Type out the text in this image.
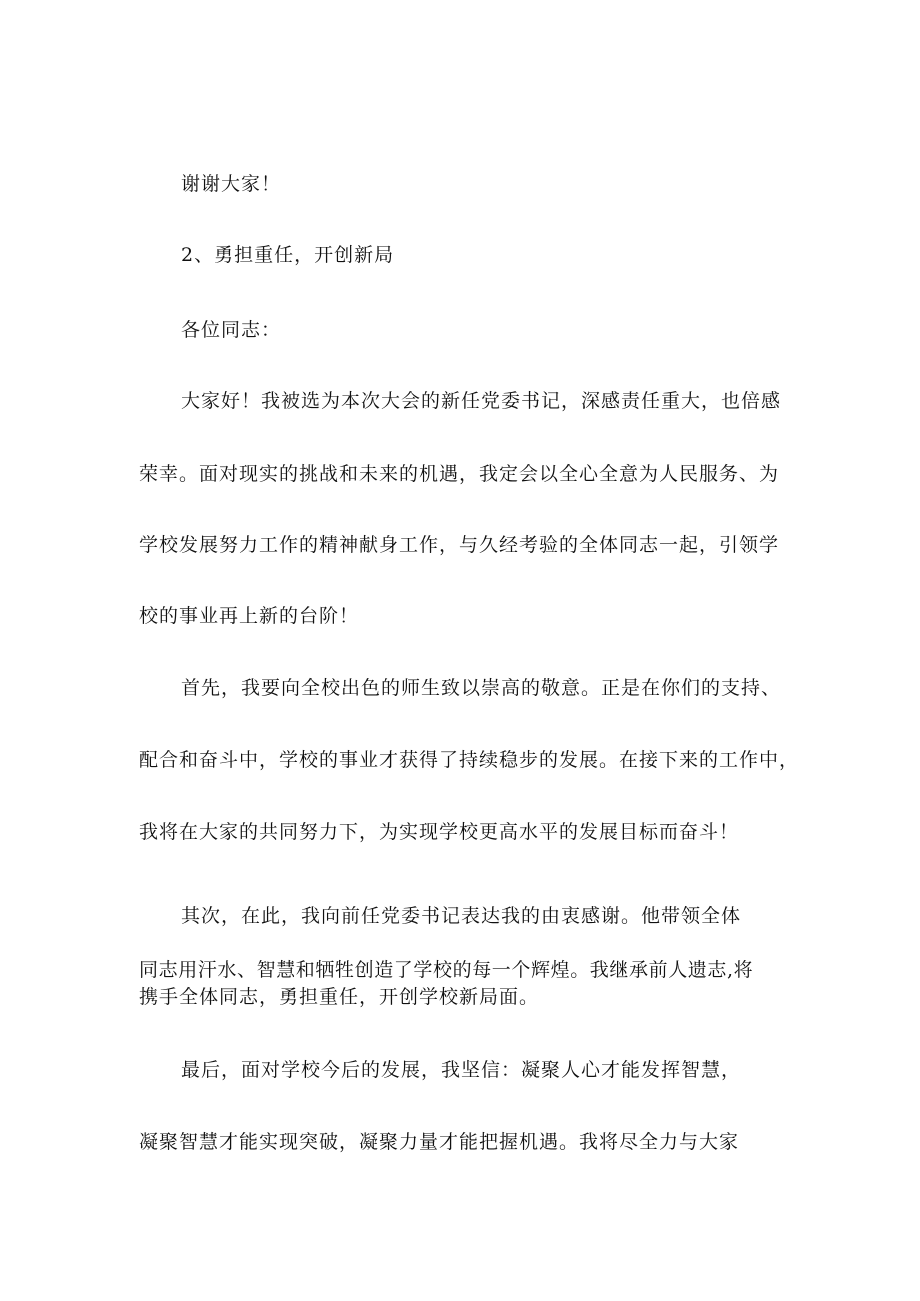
谢谢大家！
2、勇担重任，开创新局
各位同志：
大家好！我被选为本次大会的新任党委书记，深感责任重大，也倍感
荣幸。面对现实的挑战和未来的机遇，我定会以全心全意为人民服务、为
学校发展努力工作的精神献身工作，与久经考验的全体同志一起，引领学
校的事业再上新的台阶！
首先，我要向全校出色的师生致以崇高的敬意。正是在你们的支持、
配合和奋斗中，学校的事业才获得了持续稳步的发展。在接下来的工作中，
我将在大家的共同努力下，为实现学校更高水平的发展目标而奋斗！
其次，在此，我向前任党委书记表达我的由衷感谢。他带领全体
同志用汗水、智慧和牺牲创造了学校的每一个辉煌。我继承前人遗志,将
携手全体同志，勇担重任，开创学校新局面。
最后，面对学校今后的发展，我坚信：凝聚人心才能发挥智慧，
凝聚智慧才能实现突破，凝聚力量才能把握机遇。我将尽全力与大家
